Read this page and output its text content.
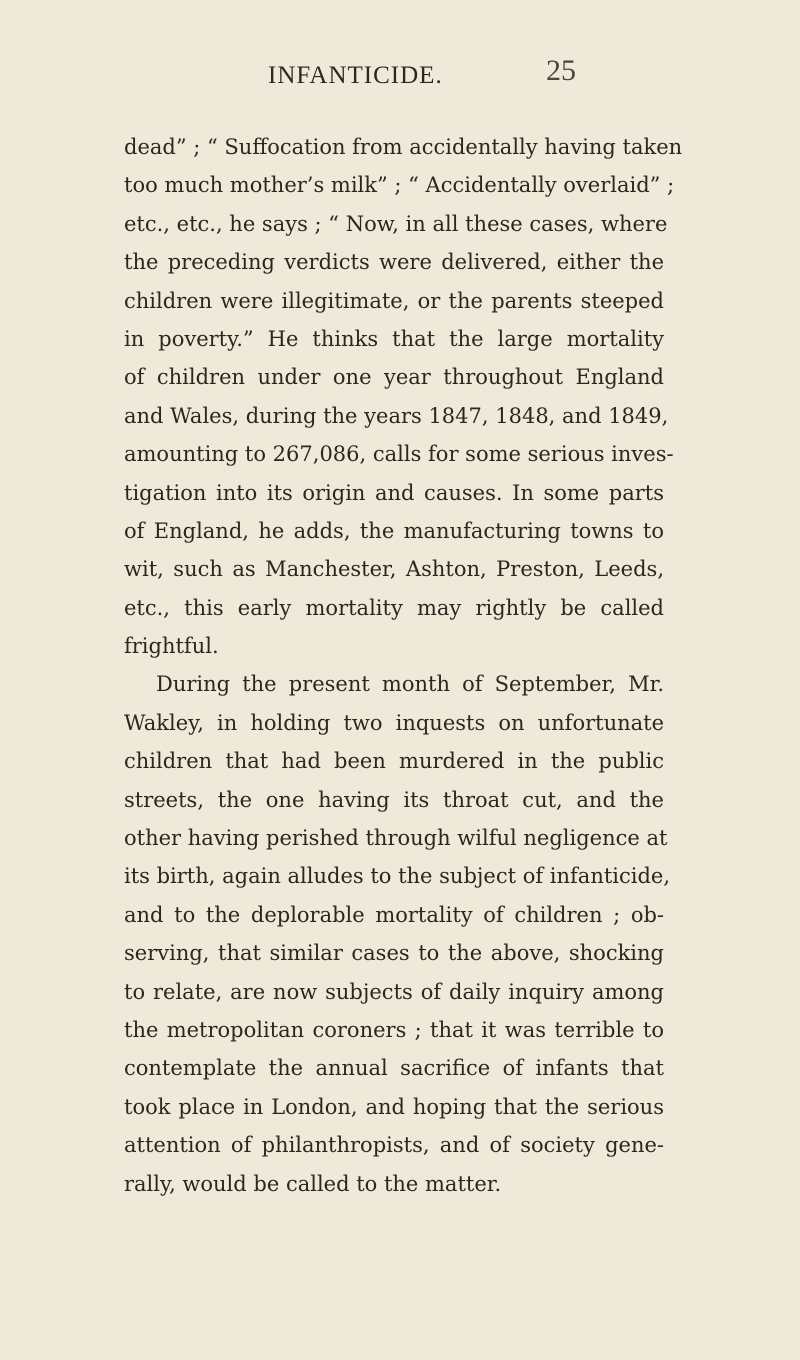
INFANTICIDE.	25
dead” ; “ Suffocation from accidentally having taken
too much mother’s milk” ; “ Accidentally overlaid” ;
etc., etc., he says ; “ Now, in all these cases, where
the preceding verdicts were delivered, either the
children were illegitimate, or the parents steeped
in poverty.” He thinks that the large mortality
of children under one year throughout England
and Wales, during the years 1847, 1848, and 1849,
amounting to 267,086, calls for some serious inves-
tigation into its origin and causes. In some parts
of England, he adds, the manufacturing towns to
wit, such as Manchester, Ashton, Preston, Leeds,
etc., this early mortality may rightly be called
frightful.
During the present month of September, Mr.
Wakley, in holding two inquests on unfortunate
children that had been murdered in the public
streets, the one having its throat cut, and the
other having perished through wilful negligence at
its birth, again alludes to the subject of infanticide,
and to the deplorable mortality of children ; ob-
serving, that similar cases to the above, shocking
to relate, are now subjects of daily inquiry among
the metropolitan coroners ; that it was terrible to
contemplate the annual sacrifice of infants that
took place in London, and hoping that the serious
attention of philanthropists, and of society gene-
rally, would be called to the matter.
